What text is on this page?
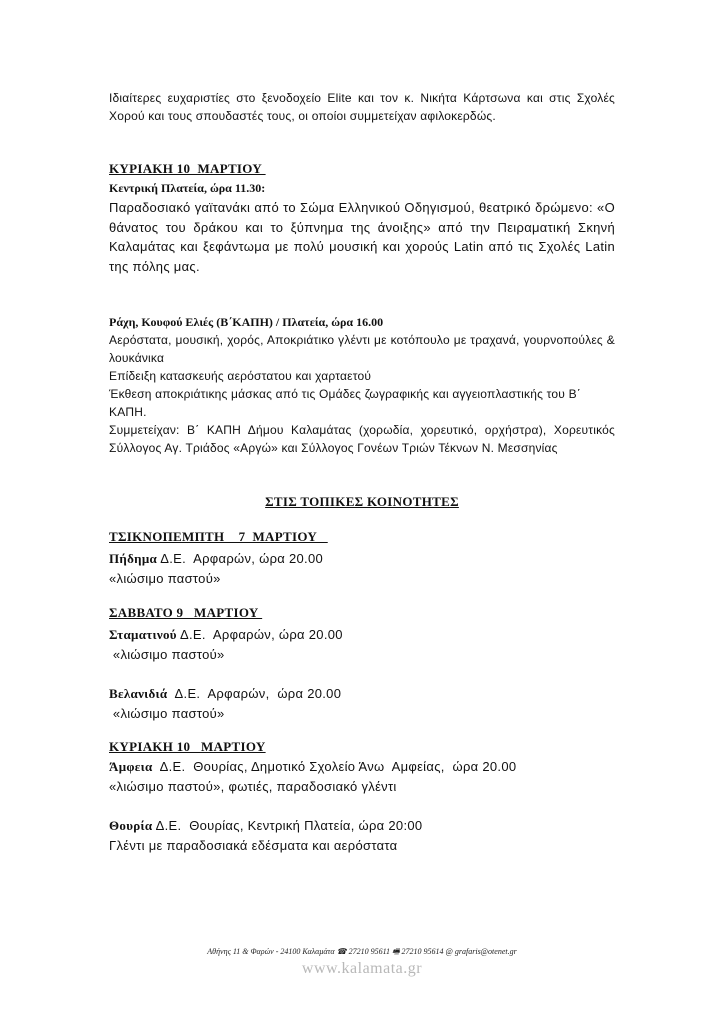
Ιδιαίτερες ευχαριστίες στο ξενοδοχείο Elite και τον κ. Νικήτα Κάρτσωνα και στις Σχολές Χορού και τους σπουδαστές τους, οι οποίοι συμμετείχαν αφιλοκερδώς.
ΚΥΡΙΑΚΗ 10  ΜΑΡΤΙΟΥ
Κεντρική Πλατεία, ώρα 11.30:
Παραδοσιακό γαϊτανάκι από το Σώμα Ελληνικού Οδηγισμού, θεατρικό δρώμενο: «Ο θάνατος του δράκου και το ξύπνημα της άνοιξης» από την Πειραματική Σκηνή Καλαμάτας και ξεφάντωμα με πολύ μουσική και χορούς Latin από τις Σχολές Latin της πόλης μας.
Ράχη, Κουφού Ελιές (Β΄ΚΑΠΗ) / Πλατεία, ώρα 16.00
Αερόστατα, μουσική, χορός, Αποκριάτικο γλέντι με κοτόπουλο με τραχανά, γουρνοπούλες & λουκάνικα
Επίδειξη κατασκευής αερόστατου και χαρταετού
Έκθεση αποκριάτικης μάσκας από τις Ομάδες ζωγραφικής και αγγειοπλαστικής του Β΄ ΚΑΠΗ.
Συμμετείχαν: Β΄ ΚΑΠΗ Δήμου Καλαμάτας (χορωδία, χορευτικό, ορχήστρα), Χορευτικός Σύλλογος Αγ. Τριάδος «Αργώ» και Σύλλογος Γονέων Τριών Τέκνων Ν. Μεσσηνίας
ΣΤΙΣ ΤΟΠΙΚΕΣ ΚΟΙΝΟΤΗΤΕΣ
ΤΣΙΚΝΟΠΕΜΠΤΗ    7  ΜΑΡΤΙΟΥ
Πήδημα Δ.Ε.  Αρφαρών, ώρα 20.00
«λιώσιμο παστού»
ΣΑΒΒΑΤΟ 9   ΜΑΡΤΙΟΥ
Σταματινού Δ.Ε.  Αρφαρών, ώρα 20.00
«λιώσιμο παστού»
Βελανιδιά  Δ.Ε.  Αρφαρών,  ώρα 20.00
«λιώσιμο παστού»
ΚΥΡΙΑΚΗ 10   ΜΑΡΤΙΟΥ
Άμφεια  Δ.Ε.  Θουρίας, Δημοτικό Σχολείο Άνω  Αμφείας,  ώρα 20.00
«λιώσιμο παστού», φωτιές, παραδοσιακό γλέντι
Θουρία Δ.Ε.  Θουρίας, Κεντρική Πλατεία, ώρα 20:00
Γλέντι με παραδοσιακά εδέσματα και αερόστατα
Αθήνης 11 & Φαρών - 24100 Καλαμάτα ☎ 27210 95611 🖷 27210 95614 @ grafaris@otenet.gr
www.kalamata.gr
